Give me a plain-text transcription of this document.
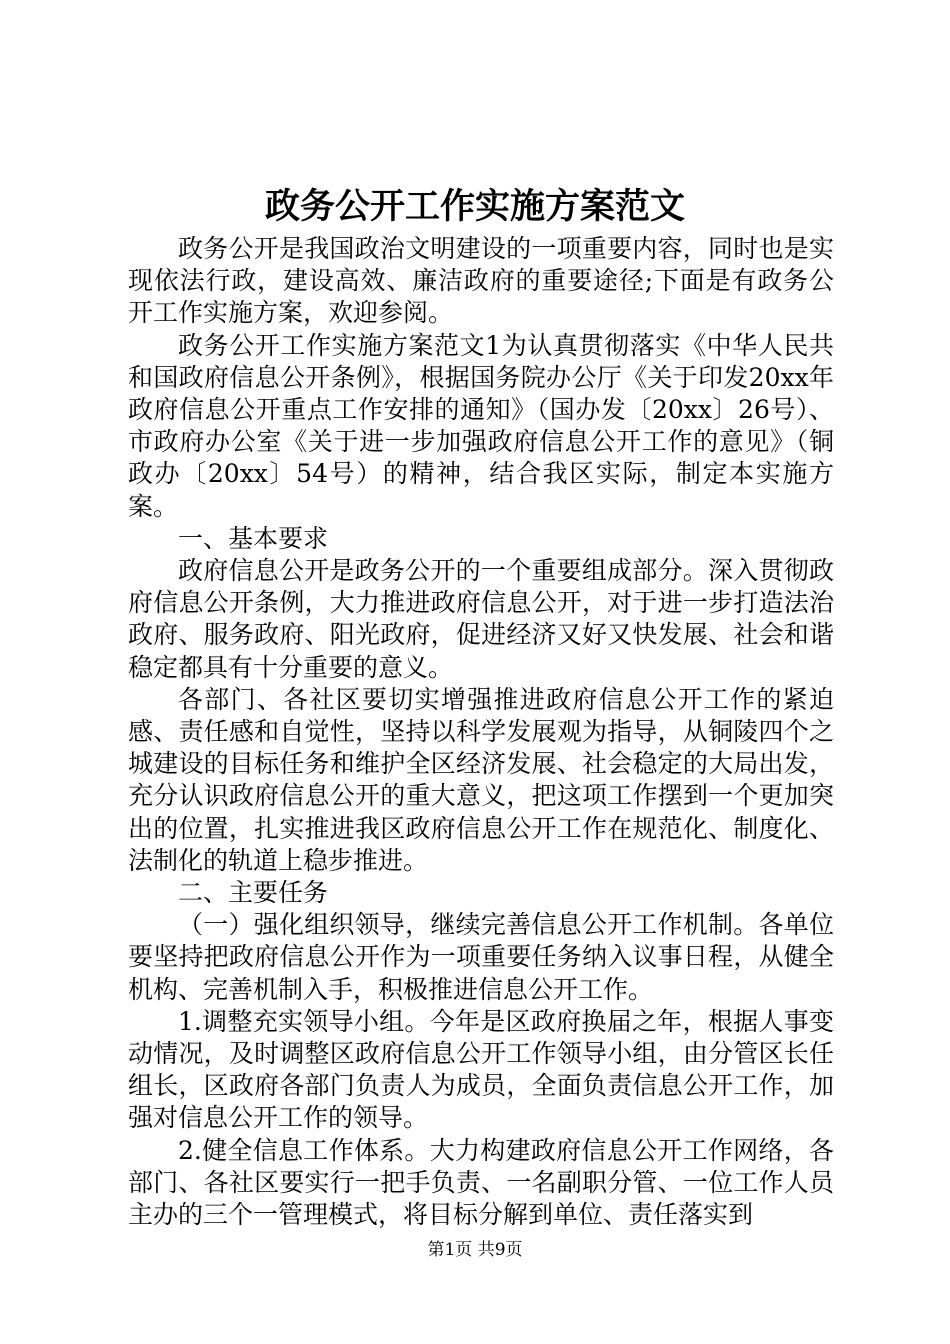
政务公开工作实施方案范文

政务公开是我国政治文明建设的一项重要内容，同时也是实现依法行政，建设高效、廉洁政府的重要途径;下面是有政务公开工作实施方案，欢迎参阅。

政务公开工作实施方案范文1为认真贯彻落实《中华人民共和国政府信息公开条例》，根据国务院办公厅《关于印发20xx年政府信息公开重点工作安排的通知》（国办发〔20xx〕26号）、市政府办公室《关于进一步加强政府信息公开工作的意见》（铜政办〔20xx〕54号）的精神，结合我区实际，制定本实施方案。

一、基本要求

政府信息公开是政务公开的一个重要组成部分。深入贯彻政府信息公开条例，大力推进政府信息公开，对于进一步打造法治政府、服务政府、阳光政府，促进经济又好又快发展、社会和谐稳定都具有十分重要的意义。

各部门、各社区要切实增强推进政府信息公开工作的紧迫感、责任感和自觉性，坚持以科学发展观为指导，从铜陵四个之城建设的目标任务和维护全区经济发展、社会稳定的大局出发，充分认识政府信息公开的重大意义，把这项工作摆到一个更加突出的位置，扎实推进我区政府信息公开工作在规范化、制度化、法制化的轨道上稳步推进。

二、主要任务

（一）强化组织领导，继续完善信息公开工作机制。各单位要坚持把政府信息公开作为一项重要任务纳入议事日程，从健全机构、完善机制入手，积极推进信息公开工作。

1.调整充实领导小组。今年是区政府换届之年，根据人事变动情况，及时调整区政府信息公开工作领导小组，由分管区长任组长，区政府各部门负责人为成员，全面负责信息公开工作，加强对信息公开工作的领导。

2.健全信息工作体系。大力构建政府信息公开工作网络，各部门、各社区要实行一把手负责、一名副职分管、一位工作人员主办的三个一管理模式，将目标分解到单位、责任落实到

第1页 共9页
